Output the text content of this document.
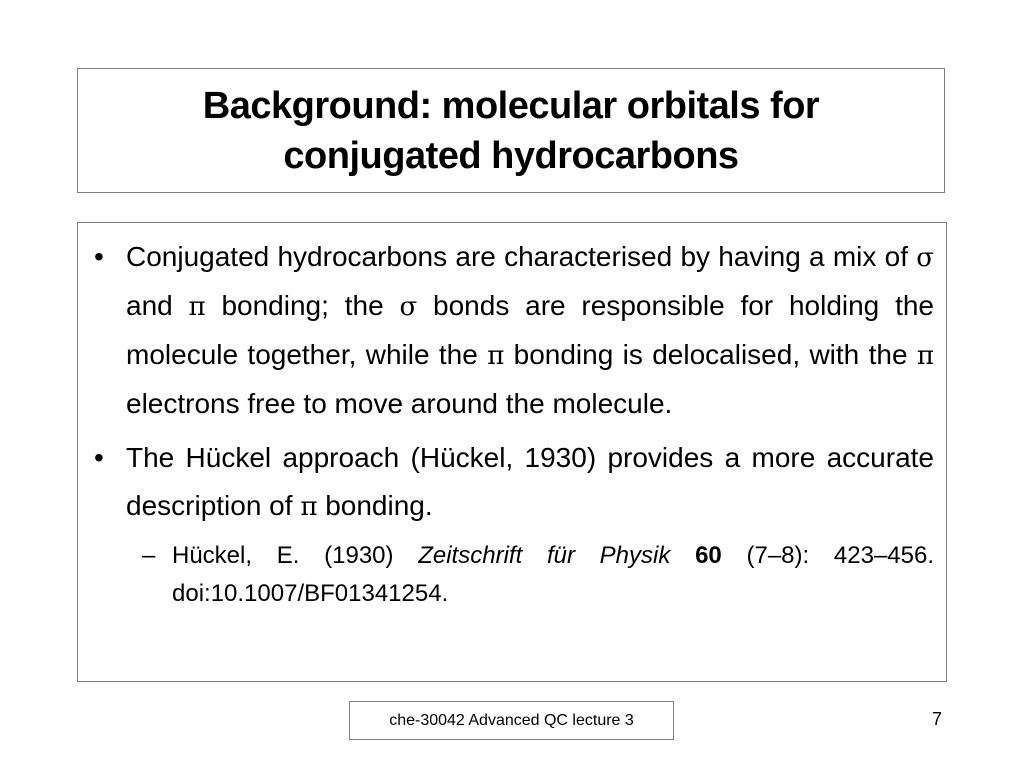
Background: molecular orbitals for
conjugated hydrocarbons
• Conjugated hydrocarbons are characterised by having a mix of σ and π bonding; the σ bonds are responsible for holding the molecule together, while the π bonding is delocalised, with the π electrons free to move around the molecule.
• The Hückel approach (Hückel, 1930) provides a more accurate description of π bonding.
– Hückel, E. (1930) Zeitschrift für Physik 60 (7–8): 423–456. doi:10.1007/BF01341254.
che-30042 Advanced QC lecture 3	7
